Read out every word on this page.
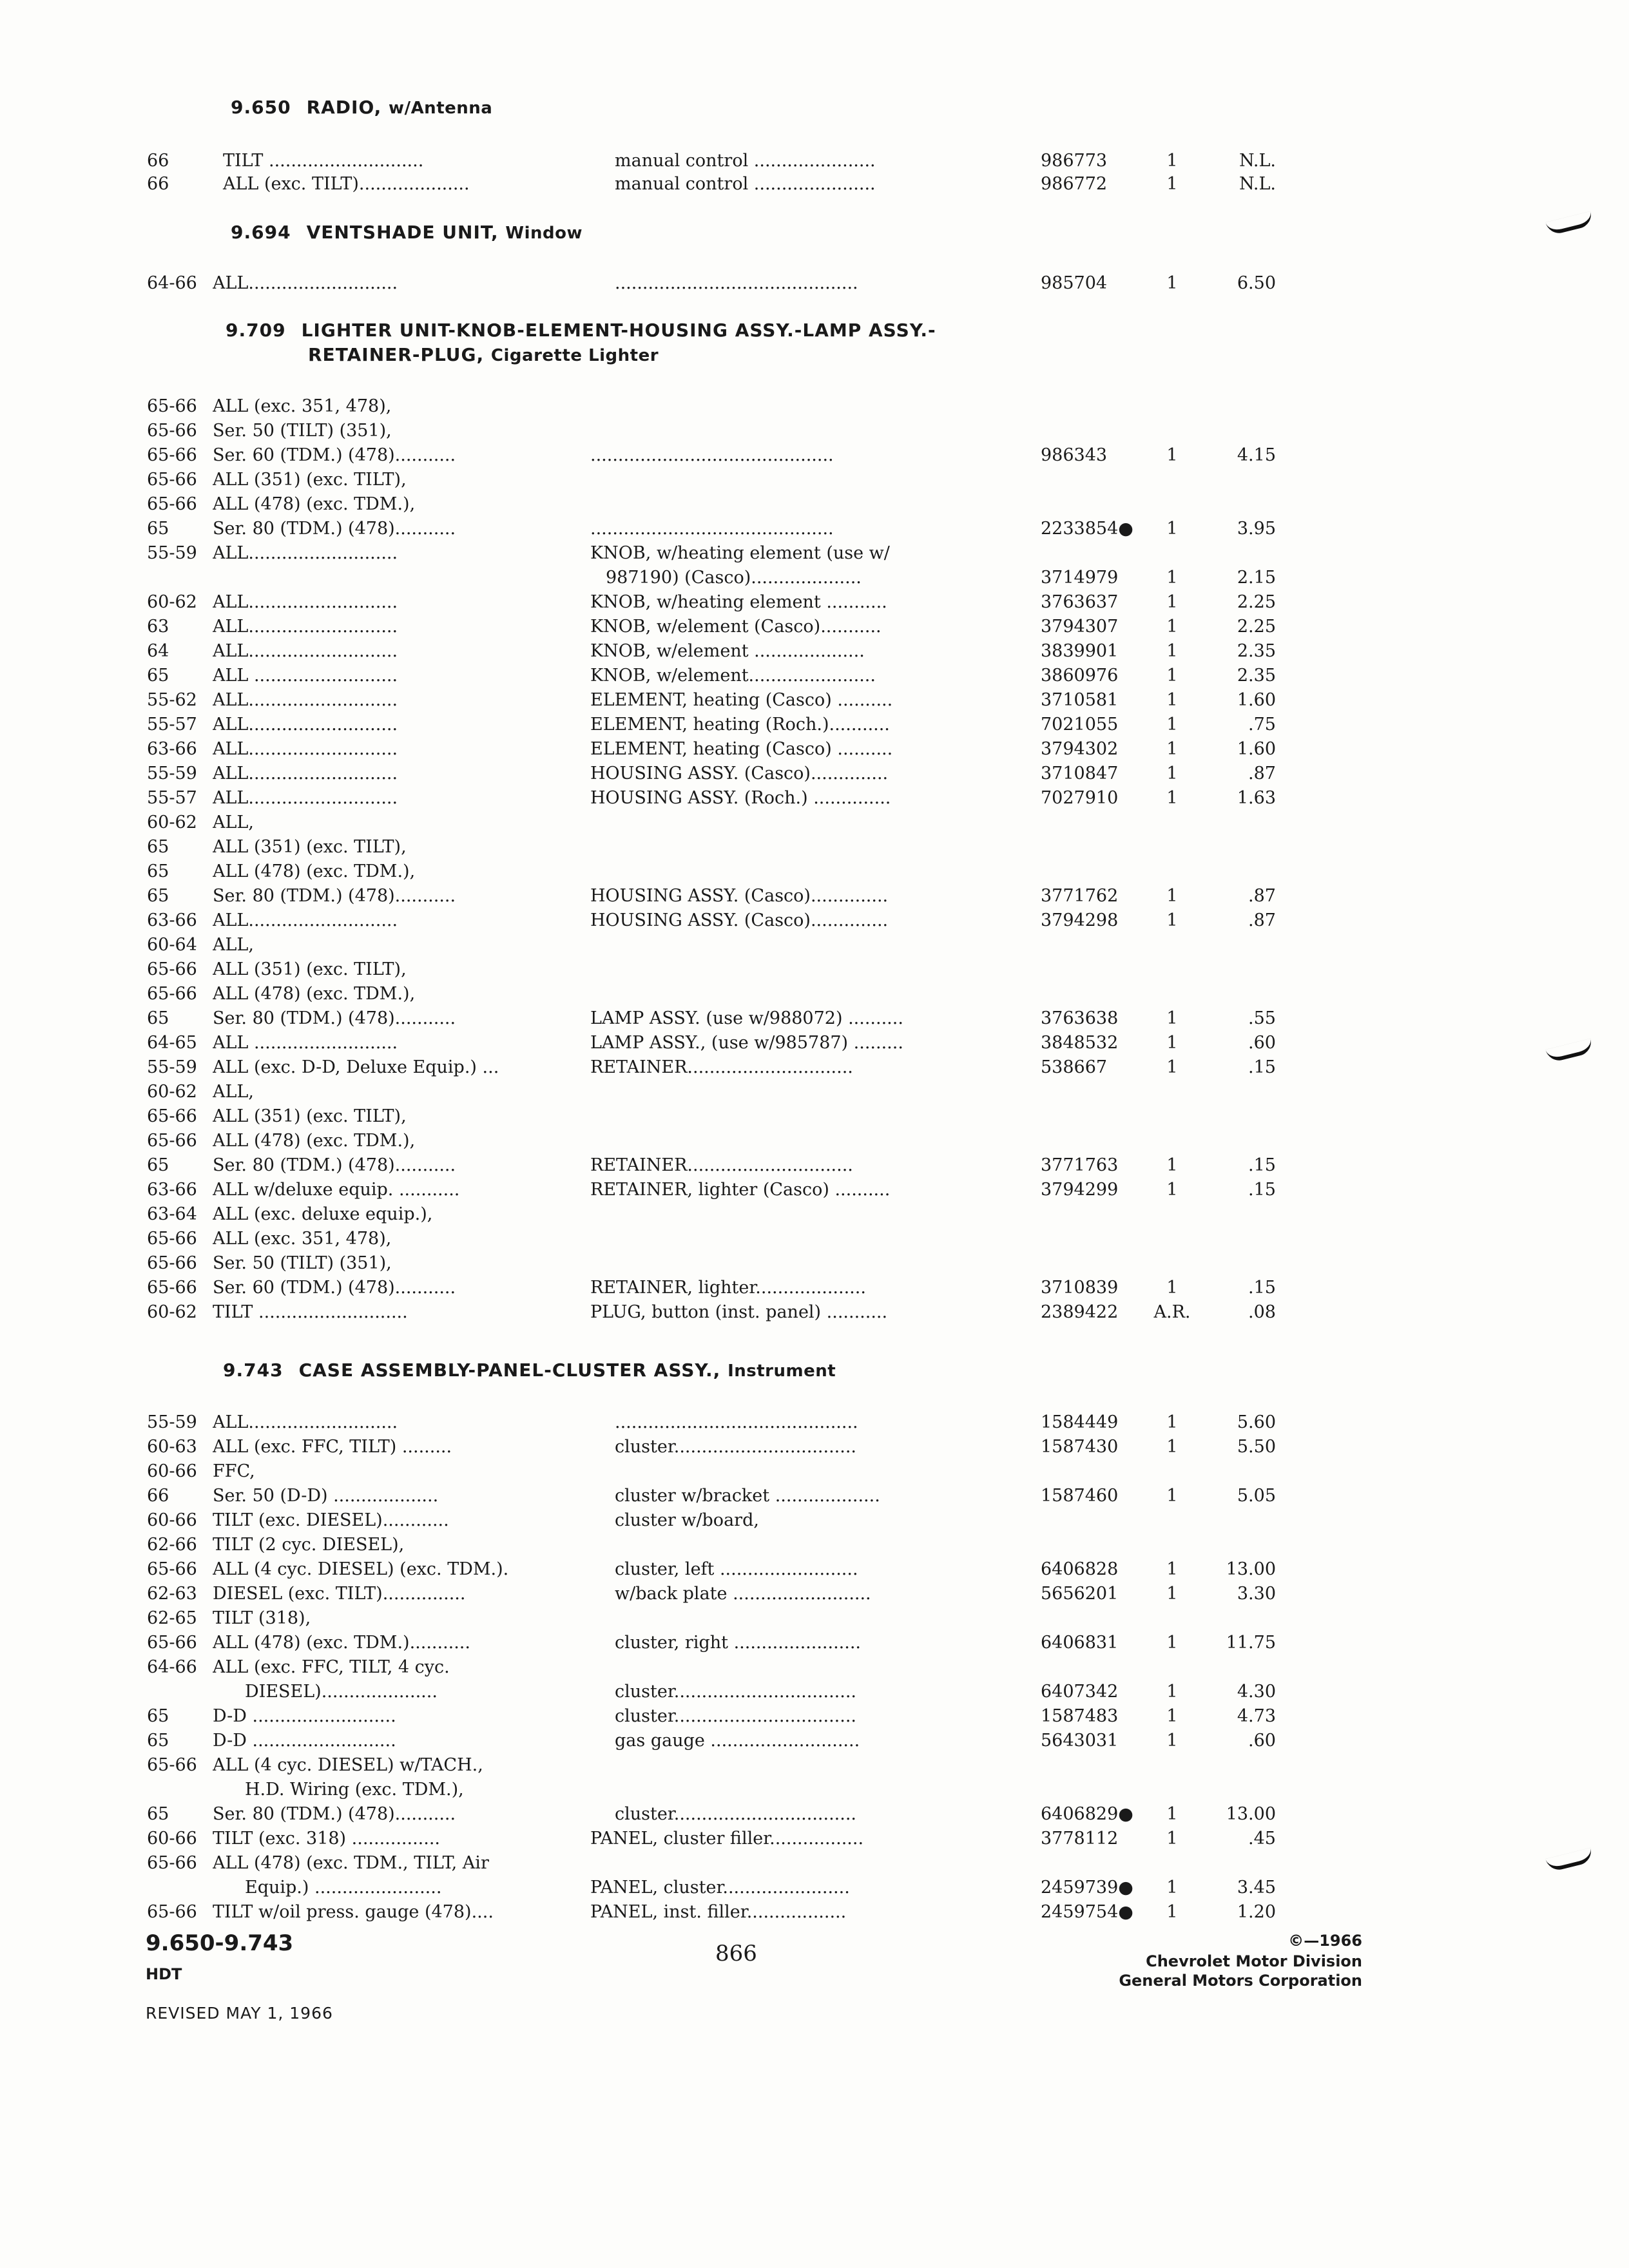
9.650 RADIO, w/Antenna
9.694 VENTSHADE UNIT, Window
9.709 LIGHTER UNIT-KNOB-ELEMENT-HOUSING ASSY.-LAMP ASSY.-
RETAINER-PLUG, Cigarette Lighter
9.743 CASE ASSEMBLY-PANEL-CLUSTER ASSY., Instrument
66	TILT ............................	manual control ......................	986773	1	N.L.
66	ALL (exc. TILT)....................	manual control ......................	986772	1	N.L.
64-66 ALL...........................	............................................	985704	1	6.50
65-66 ALL (exc. 351, 478),
65-66 Ser. 50 (TILT) (351),
65-66 Ser. 60 (TDM.) (478)...........	............................................	986343	1	4.15
65-66 ALL (351) (exc. TILT),
65-66 ALL (478) (exc. TDM.),
65	Ser. 80 (TDM.) (478)...........	............................................	2233854●	1	3.95
55-59 ALL...........................	KNOB, w/heating element (use w/
987190) (Casco)....................	3714979	1	2.15
60-62 ALL...........................	KNOB, w/heating element ...........	3763637	1	2.25
63	ALL...........................	KNOB, w/element (Casco)...........	3794307	1	2.25
64	ALL...........................	KNOB, w/element ....................	3839901	1	2.35
65	ALL ..........................	KNOB, w/element.......................	3860976	1	2.35
55-62 ALL...........................	ELEMENT, heating (Casco) ..........	3710581	1	1.60
55-57 ALL...........................	ELEMENT, heating (Roch.)...........	7021055	1	.75
63-66 ALL...........................	ELEMENT, heating (Casco) ..........	3794302	1	1.60
55-59 ALL...........................	HOUSING ASSY. (Casco)..............	3710847	1	.87
55-57 ALL...........................	HOUSING ASSY. (Roch.) ..............	7027910	1	1.63
60-62 ALL,
65	ALL (351) (exc. TILT),
65	ALL (478) (exc. TDM.),
65	Ser. 80 (TDM.) (478)...........	HOUSING ASSY. (Casco)..............	3771762	1	.87
63-66 ALL...........................	HOUSING ASSY. (Casco)..............	3794298	1	.87
60-64 ALL,
65-66 ALL (351) (exc. TILT),
65-66 ALL (478) (exc. TDM.),
65	Ser. 80 (TDM.) (478)...........	LAMP ASSY. (use w/988072) ..........	3763638	1	.55
64-65 ALL ..........................	LAMP ASSY., (use w/985787) .........	3848532	1	.60
55-59 ALL (exc. D-D, Deluxe Equip.) ...	RETAINER..............................	538667	1	.15
60-62 ALL,
65-66 ALL (351) (exc. TILT),
65-66 ALL (478) (exc. TDM.),
65	Ser. 80 (TDM.) (478)...........	RETAINER..............................	3771763	1	.15
63-66 ALL w/deluxe equip. ...........	RETAINER, lighter (Casco) ..........	3794299	1	.15
63-64 ALL (exc. deluxe equip.),
65-66 ALL (exc. 351, 478),
65-66 Ser. 50 (TILT) (351),
65-66 Ser. 60 (TDM.) (478)...........	RETAINER, lighter....................	3710839	1	.15
60-62 TILT ...........................	PLUG, button (inst. panel) ...........	2389422	A.R.	.08
55-59 ALL...........................	............................................	1584449	1	5.60
60-63 ALL (exc. FFC, TILT) .........	cluster.................................	1587430	1	5.50
60-66 FFC,
66	Ser. 50 (D-D) ...................	cluster w/bracket ...................	1587460	1	5.05
60-66 TILT (exc. DIESEL)............	cluster w/board,
62-66 TILT (2 cyc. DIESEL),
65-66 ALL (4 cyc. DIESEL) (exc. TDM.).	cluster, left .........................	6406828	1	13.00
62-63 DIESEL (exc. TILT)...............	w/back plate .........................	5656201	1	3.30
62-65 TILT (318),
65-66 ALL (478) (exc. TDM.)...........	cluster, right .......................	6406831	1	11.75
64-66 ALL (exc. FFC, TILT, 4 cyc.
DIESEL).....................	cluster.................................	6407342	1	4.30
65	D-D ..........................	cluster.................................	1587483	1	4.73
65	D-D ..........................	gas gauge ...........................	5643031	1	.60
65-66 ALL (4 cyc. DIESEL) w/TACH.,
H.D. Wiring (exc. TDM.),
65	Ser. 80 (TDM.) (478)...........	cluster.................................	6406829●	1	13.00
60-66 TILT (exc. 318) ................	PANEL, cluster filler.................	3778112	1	.45
65-66 ALL (478) (exc. TDM., TILT, Air
Equip.) .......................	PANEL, cluster.......................	2459739●	1	3.45
65-66 TILT w/oil press. gauge (478)....	PANEL, inst. filler..................	2459754●	1	1.20
9.650-9.743
HDT
REVISED MAY 1, 1966
866	©—1966
Chevrolet Motor Division
General Motors Corporation
